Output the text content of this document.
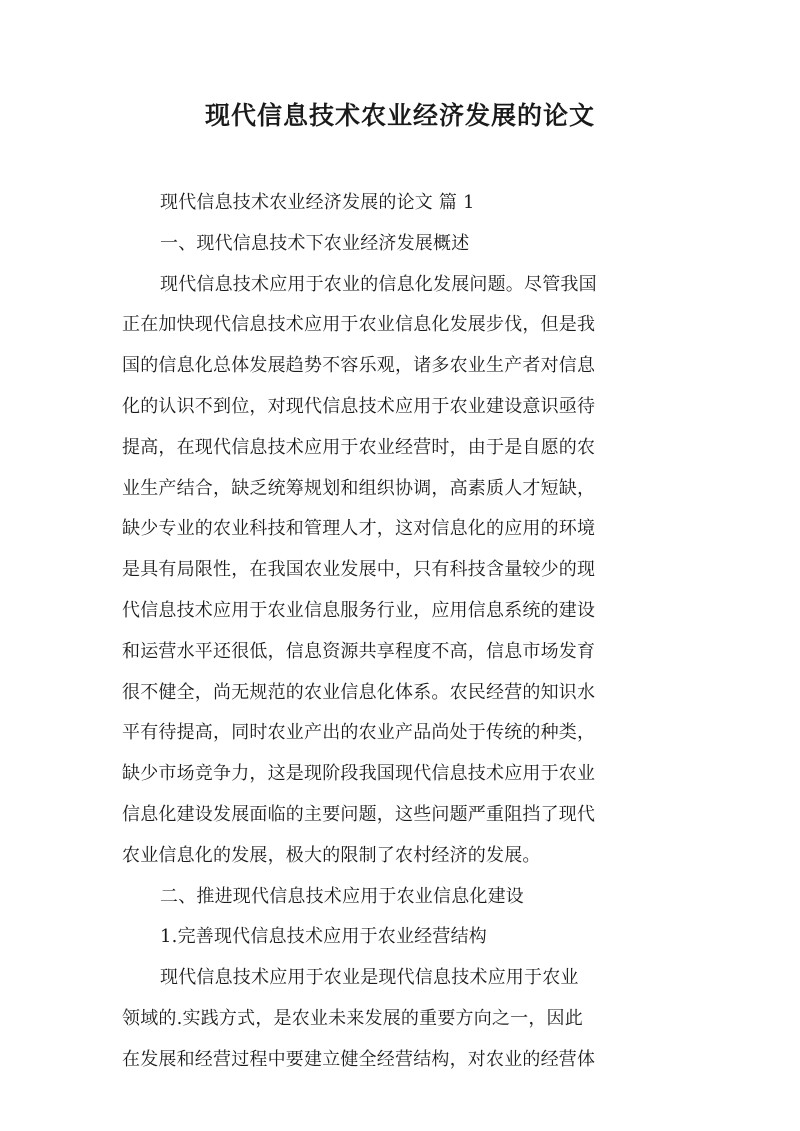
现代信息技术农业经济发展的论文
现代信息技术农业经济发展的论文 篇 1
一、现代信息技术下农业经济发展概述
现代信息技术应用于农业的信息化发展问题。尽管我国
正在加快现代信息技术应用于农业信息化发展步伐，但是我
国的信息化总体发展趋势不容乐观，诸多农业生产者对信息
化的认识不到位，对现代信息技术应用于农业建设意识亟待
提高，在现代信息技术应用于农业经营时，由于是自愿的农
业生产结合，缺乏统筹规划和组织协调，高素质人才短缺，
缺少专业的农业科技和管理人才，这对信息化的应用的环境
是具有局限性，在我国农业发展中，只有科技含量较少的现
代信息技术应用于农业信息服务行业，应用信息系统的建设
和运营水平还很低，信息资源共享程度不高，信息市场发育
很不健全，尚无规范的农业信息化体系。农民经营的知识水
平有待提高，同时农业产出的农业产品尚处于传统的种类，
缺少市场竞争力，这是现阶段我国现代信息技术应用于农业
信息化建设发展面临的主要问题，这些问题严重阻挡了现代
农业信息化的发展，极大的限制了农村经济的发展。
二、推进现代信息技术应用于农业信息化建设
1.完善现代信息技术应用于农业经营结构
现代信息技术应用于农业是现代信息技术应用于农业
领域的.实践方式，是农业未来发展的重要方向之一，因此
在发展和经营过程中要建立健全经营结构，对农业的经营体
